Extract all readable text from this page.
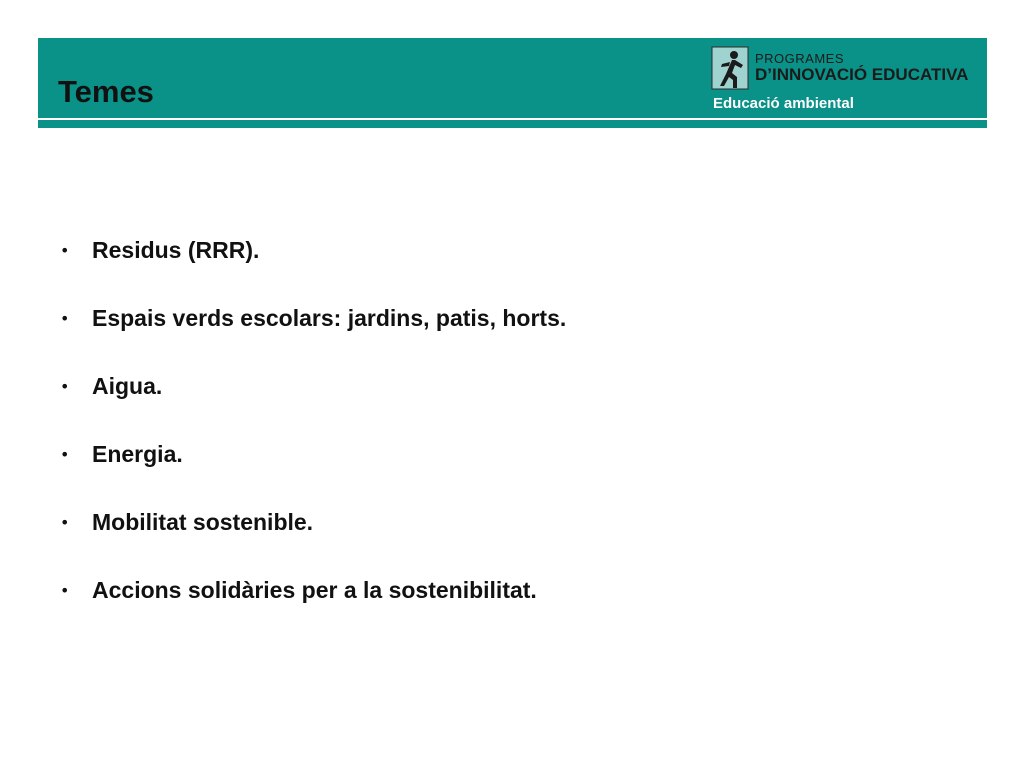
Temes
PROGRAMES
D’INNOVACIÓ EDUCATIVA
Educació ambiental
• Residus (RRR).
• Espais verds escolars: jardins, patis, horts.
• Aigua.
• Energia.
• Mobilitat sostenible.
• Accions solidàries per a la sostenibilitat.
